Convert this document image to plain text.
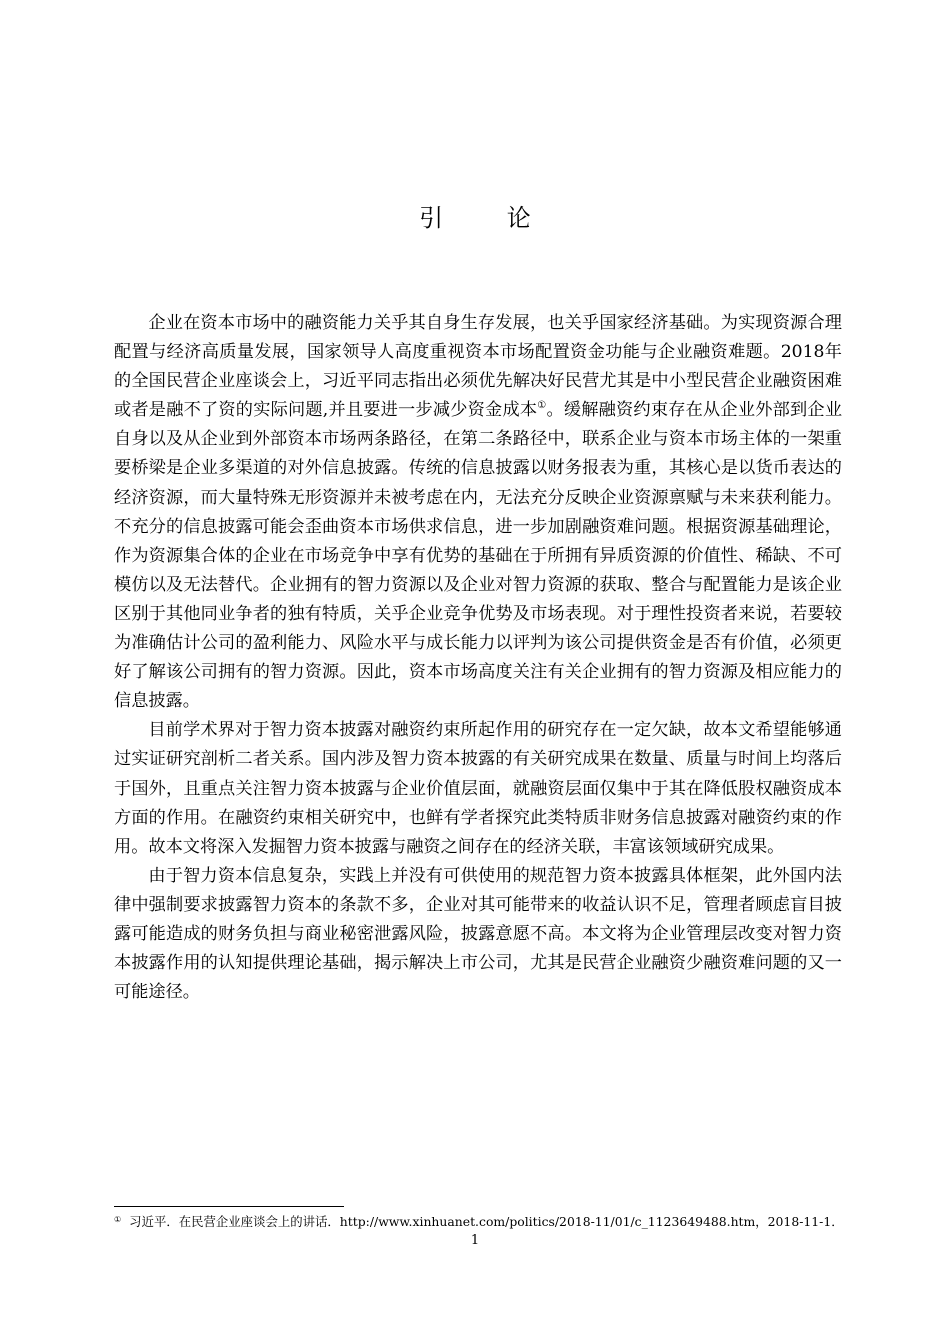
引 论

企业在资本市场中的融资能力关乎其自身生存发展，也关乎国家经济基础。为实现资源合理配置与经济高质量发展，国家领导人高度重视资本市场配置资金功能与企业融资难题。2018年的全国民营企业座谈会上，习近平同志指出必须优先解决好民营尤其是中小型民营企业融资困难或者是融不了资的实际问题,并且要进一步减少资金成本①。缓解融资约束存在从企业外部到企业自身以及从企业到外部资本市场两条路径，在第二条路径中，联系企业与资本市场主体的一架重要桥梁是企业多渠道的对外信息披露。传统的信息披露以财务报表为重，其核心是以货币表达的经济资源，而大量特殊无形资源并未被考虑在内，无法充分反映企业资源禀赋与未来获利能力。不充分的信息披露可能会歪曲资本市场供求信息，进一步加剧融资难问题。根据资源基础理论，作为资源集合体的企业在市场竞争中享有优势的基础在于所拥有异质资源的价值性、稀缺、不可模仿以及无法替代。企业拥有的智力资源以及企业对智力资源的获取、整合与配置能力是该企业区别于其他同业争者的独有特质，关乎企业竞争优势及市场表现。对于理性投资者来说，若要较为准确估计公司的盈利能力、风险水平与成长能力以评判为该公司提供资金是否有价值，必须更好了解该公司拥有的智力资源。因此，资本市场高度关注有关企业拥有的智力资源及相应能力的信息披露。

目前学术界对于智力资本披露对融资约束所起作用的研究存在一定欠缺，故本文希望能够通过实证研究剖析二者关系。国内涉及智力资本披露的有关研究成果在数量、质量与时间上均落后于国外，且重点关注智力资本披露与企业价值层面，就融资层面仅集中于其在降低股权融资成本方面的作用。在融资约束相关研究中，也鲜有学者探究此类特质非财务信息披露对融资约束的作用。故本文将深入发掘智力资本披露与融资之间存在的经济关联，丰富该领域研究成果。

由于智力资本信息复杂，实践上并没有可供使用的规范智力资本披露具体框架，此外国内法律中强制要求披露智力资本的条款不多，企业对其可能带来的收益认识不足，管理者顾虑盲目披露可能造成的财务负担与商业秘密泄露风险，披露意愿不高。本文将为企业管理层改变对智力资本披露作用的认知提供理论基础，揭示解决上市公司，尤其是民营企业融资少融资难问题的又一可能途径。

① 习近平．在民营企业座谈会上的讲话．http://www.xinhuanet.com/politics/2018-11/01/c_1123649488.htm，2018-11-1．
1
